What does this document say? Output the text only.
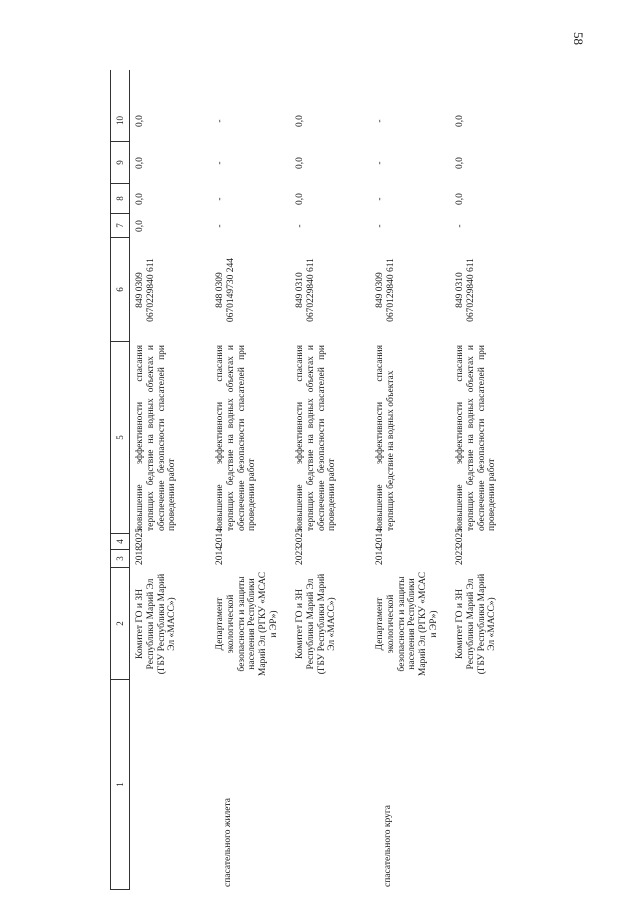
58
1
2
3
4
5
6
7
8
9
10
Комитет ГО и ЗН Республики Марий Эл (ГБУ Республики Марий Эл «МАСС»)
2018
2025
повышение эффективности спасания терпящих бедствие на водных объектах и обеспечение безопасности спасателей при проведении работ
849 0309 0670229840 611
0,0
0,0
0,0
0,0
спасательного жилета
Департамент экологической безопасности и защиты населения Республики Марий Эл (РГКУ «МСАС и ЭР»)
2014
2014
повышение эффективности спасания терпящих бедствие на водных объектах и обеспечение безопасности спасателей при проведении работ
848 0309 0670149730 244
-
-
-
-
Комитет ГО и ЗН Республики Марий Эл (ГБУ Республики Марий Эл «МАСС»)
2023
2025
повышение эффективности спасания терпящих бедствие на водных объектах и обеспечение безопасности спасателей при проведении работ
849 0310 0670229840 611
-
0,0
0,0
0,0
спасательного круга
Департамент экологической безопасности и защиты населения Республики Марий Эл (РГКУ «МСАС и ЭР»)
2014
2014
повышение эффективности спасания терпящих бедствие на водных объектах
849 0309 0670129840 611
-
-
-
-
Комитет ГО и ЗН Республики Марий Эл (ГБУ Республики Марий Эл «МАСС»)
2023
2025
повышение эффективности спасания терпящих бедствие на водных объектах и обеспечение безопасности спасателей при проведении работ
849 0310 0670229840 611
-
0,0
0,0
0,0
